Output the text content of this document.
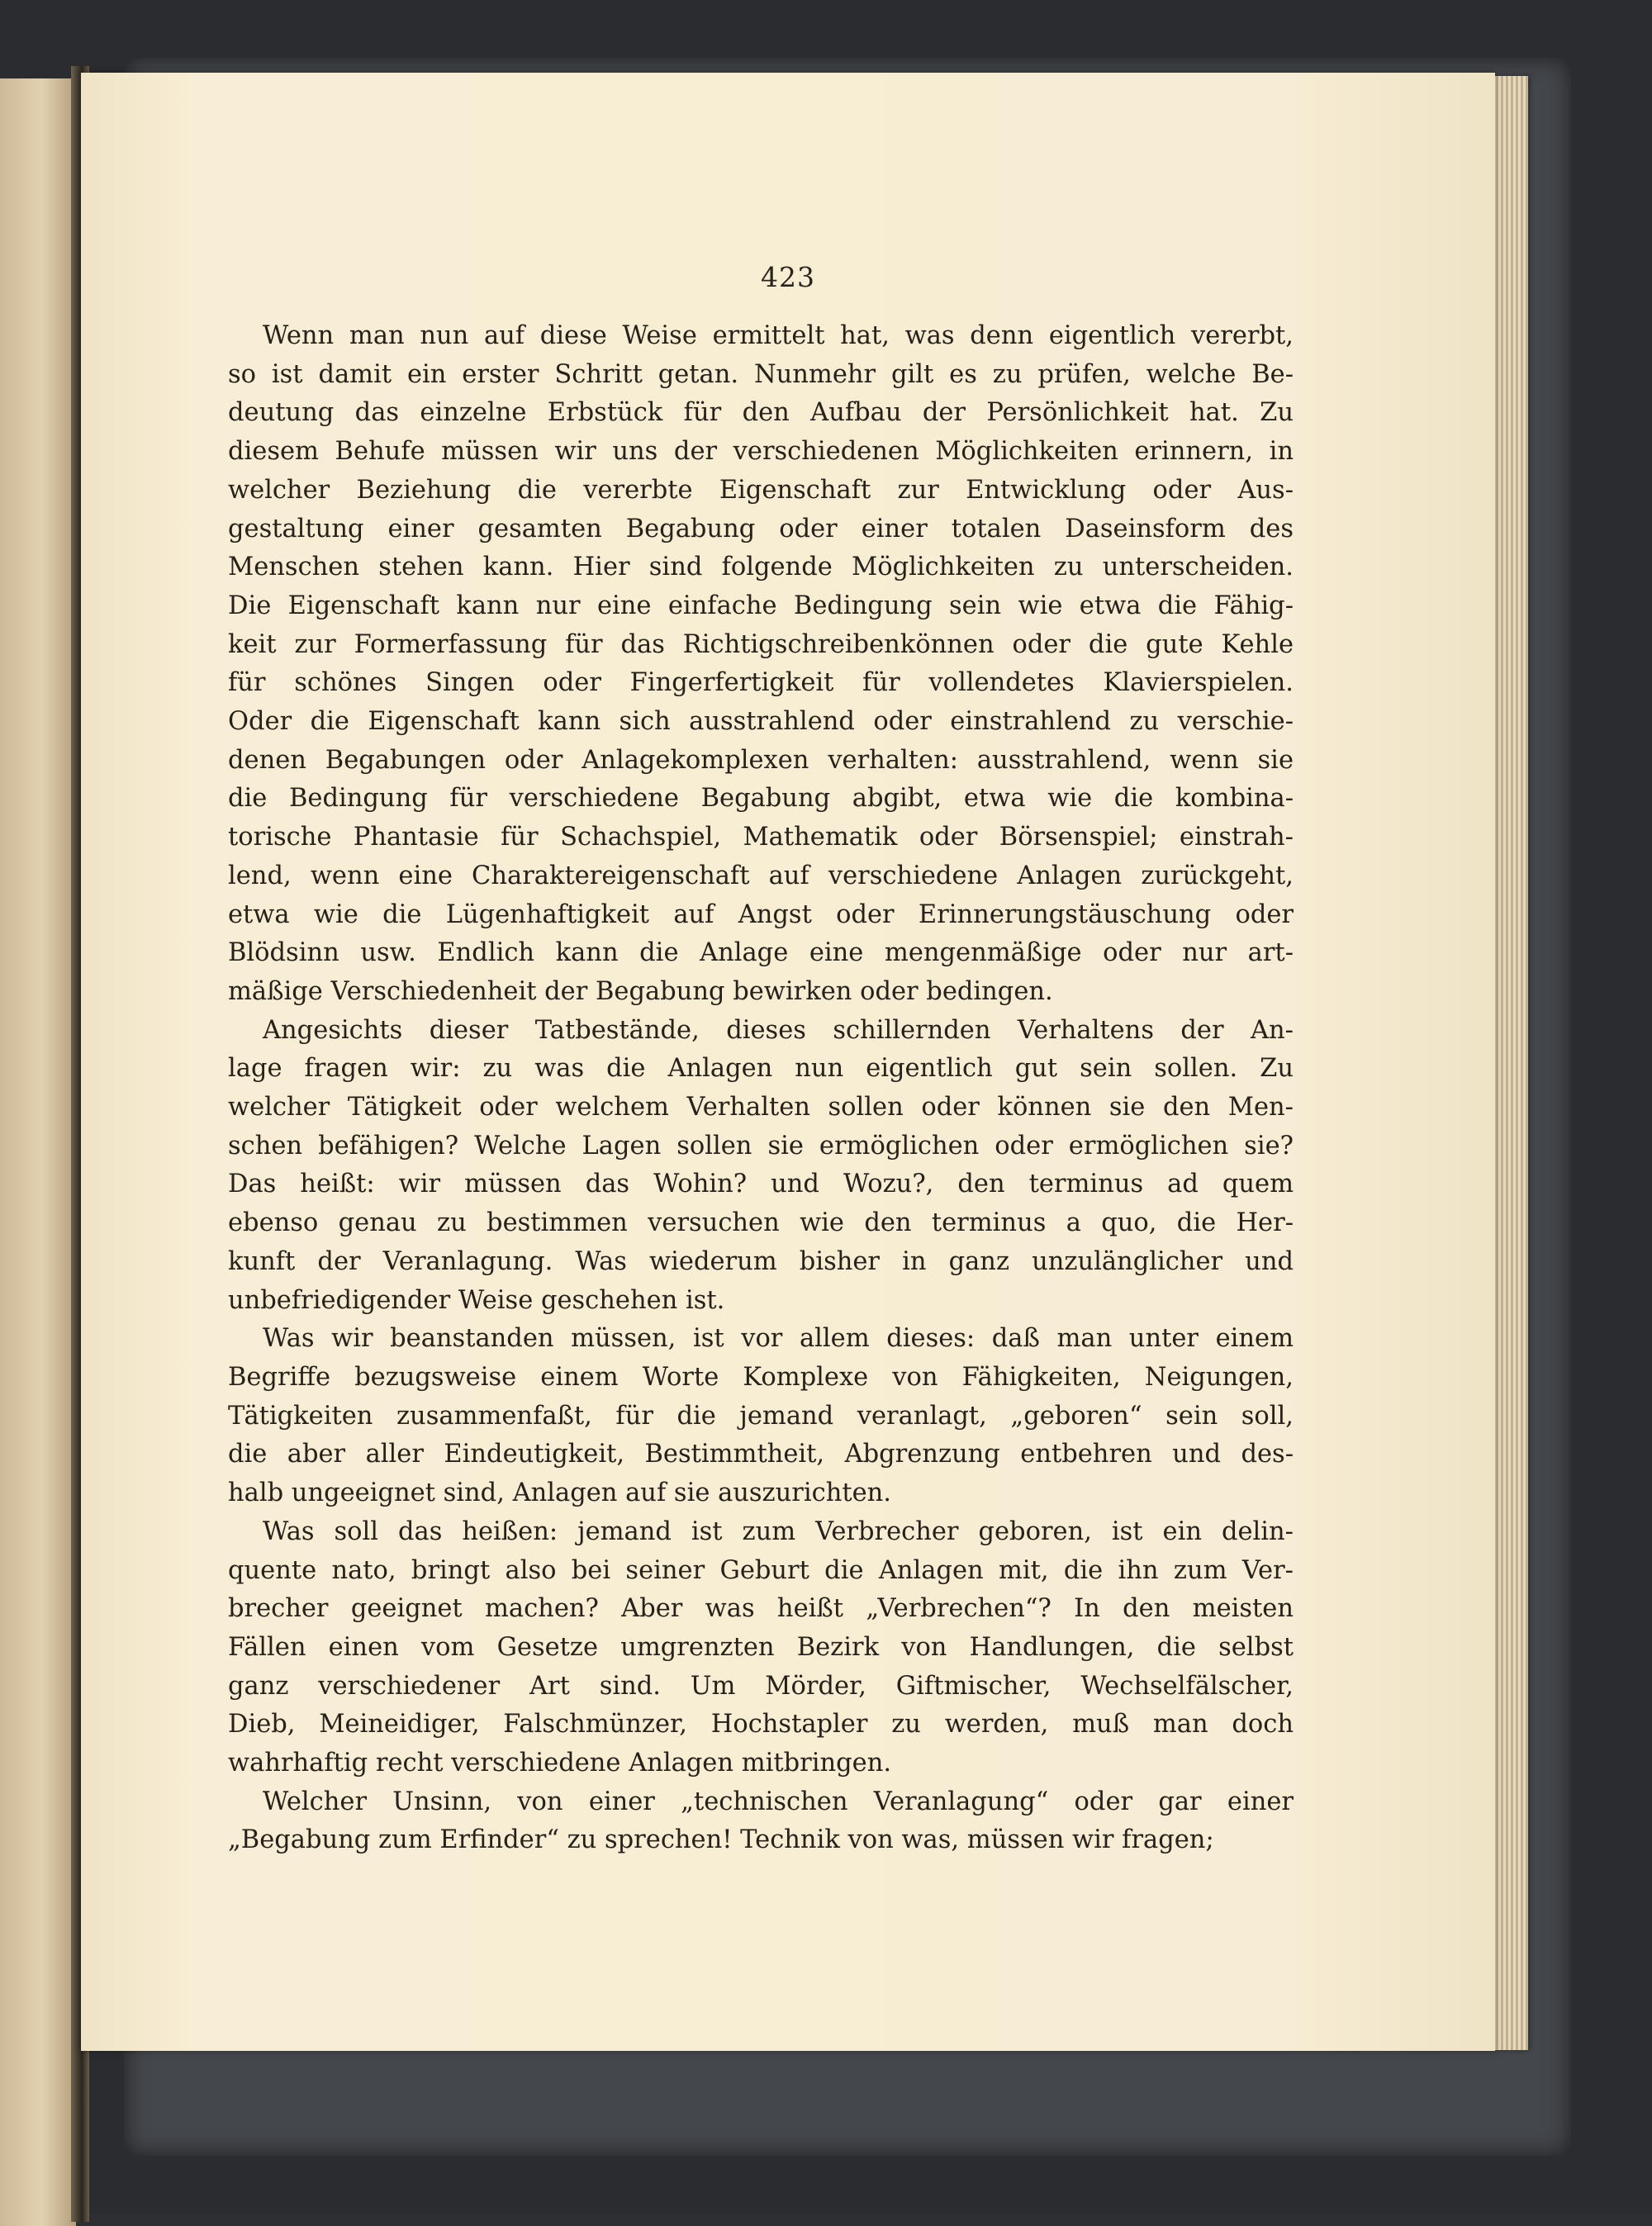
423
Wenn man nun auf diese Weise ermittelt hat, was denn eigentlich vererbt,
so ist damit ein erster Schritt getan. Nunmehr gilt es zu prüfen, welche Be-
deutung das einzelne Erbstück für den Aufbau der Persönlichkeit hat. Zu
diesem Behufe müssen wir uns der verschiedenen Möglichkeiten erinnern, in
welcher Beziehung die vererbte Eigenschaft zur Entwicklung oder Aus-
gestaltung einer gesamten Begabung oder einer totalen Daseinsform des
Menschen stehen kann. Hier sind folgende Möglichkeiten zu unterscheiden.
Die Eigenschaft kann nur eine einfache Bedingung sein wie etwa die Fähig-
keit zur Formerfassung für das Richtigschreibenkönnen oder die gute Kehle
für schönes Singen oder Fingerfertigkeit für vollendetes Klavierspielen.
Oder die Eigenschaft kann sich ausstrahlend oder einstrahlend zu verschie-
denen Begabungen oder Anlagekomplexen verhalten: ausstrahlend, wenn sie
die Bedingung für verschiedene Begabung abgibt, etwa wie die kombina-
torische Phantasie für Schachspiel, Mathematik oder Börsenspiel; einstrah-
lend, wenn eine Charaktereigenschaft auf verschiedene Anlagen zurückgeht,
etwa wie die Lügenhaftigkeit auf Angst oder Erinnerungstäuschung oder
Blödsinn usw. Endlich kann die Anlage eine mengenmäßige oder nur art-
mäßige Verschiedenheit der Begabung bewirken oder bedingen.
Angesichts dieser Tatbestände, dieses schillernden Verhaltens der An-
lage fragen wir: zu was die Anlagen nun eigentlich gut sein sollen. Zu
welcher Tätigkeit oder welchem Verhalten sollen oder können sie den Men-
schen befähigen? Welche Lagen sollen sie ermöglichen oder ermöglichen sie?
Das heißt: wir müssen das Wohin? und Wozu?, den terminus ad quem
ebenso genau zu bestimmen versuchen wie den terminus a quo, die Her-
kunft der Veranlagung. Was wiederum bisher in ganz unzulänglicher und
unbefriedigender Weise geschehen ist.
Was wir beanstanden müssen, ist vor allem dieses: daß man unter einem
Begriffe bezugsweise einem Worte Komplexe von Fähigkeiten, Neigungen,
Tätigkeiten zusammenfaßt, für die jemand veranlagt, „geboren“ sein soll,
die aber aller Eindeutigkeit, Bestimmtheit, Abgrenzung entbehren und des-
halb ungeeignet sind, Anlagen auf sie auszurichten.
Was soll das heißen: jemand ist zum Verbrecher geboren, ist ein delin-
quente nato, bringt also bei seiner Geburt die Anlagen mit, die ihn zum Ver-
brecher geeignet machen? Aber was heißt „Verbrechen“? In den meisten
Fällen einen vom Gesetze umgrenzten Bezirk von Handlungen, die selbst
ganz verschiedener Art sind. Um Mörder, Giftmischer, Wechselfälscher,
Dieb, Meineidiger, Falschmünzer, Hochstapler zu werden, muß man doch
wahrhaftig recht verschiedene Anlagen mitbringen.
Welcher Unsinn, von einer „technischen Veranlagung“ oder gar einer
„Begabung zum Erfinder“ zu sprechen! Technik von was, müssen wir fragen;
